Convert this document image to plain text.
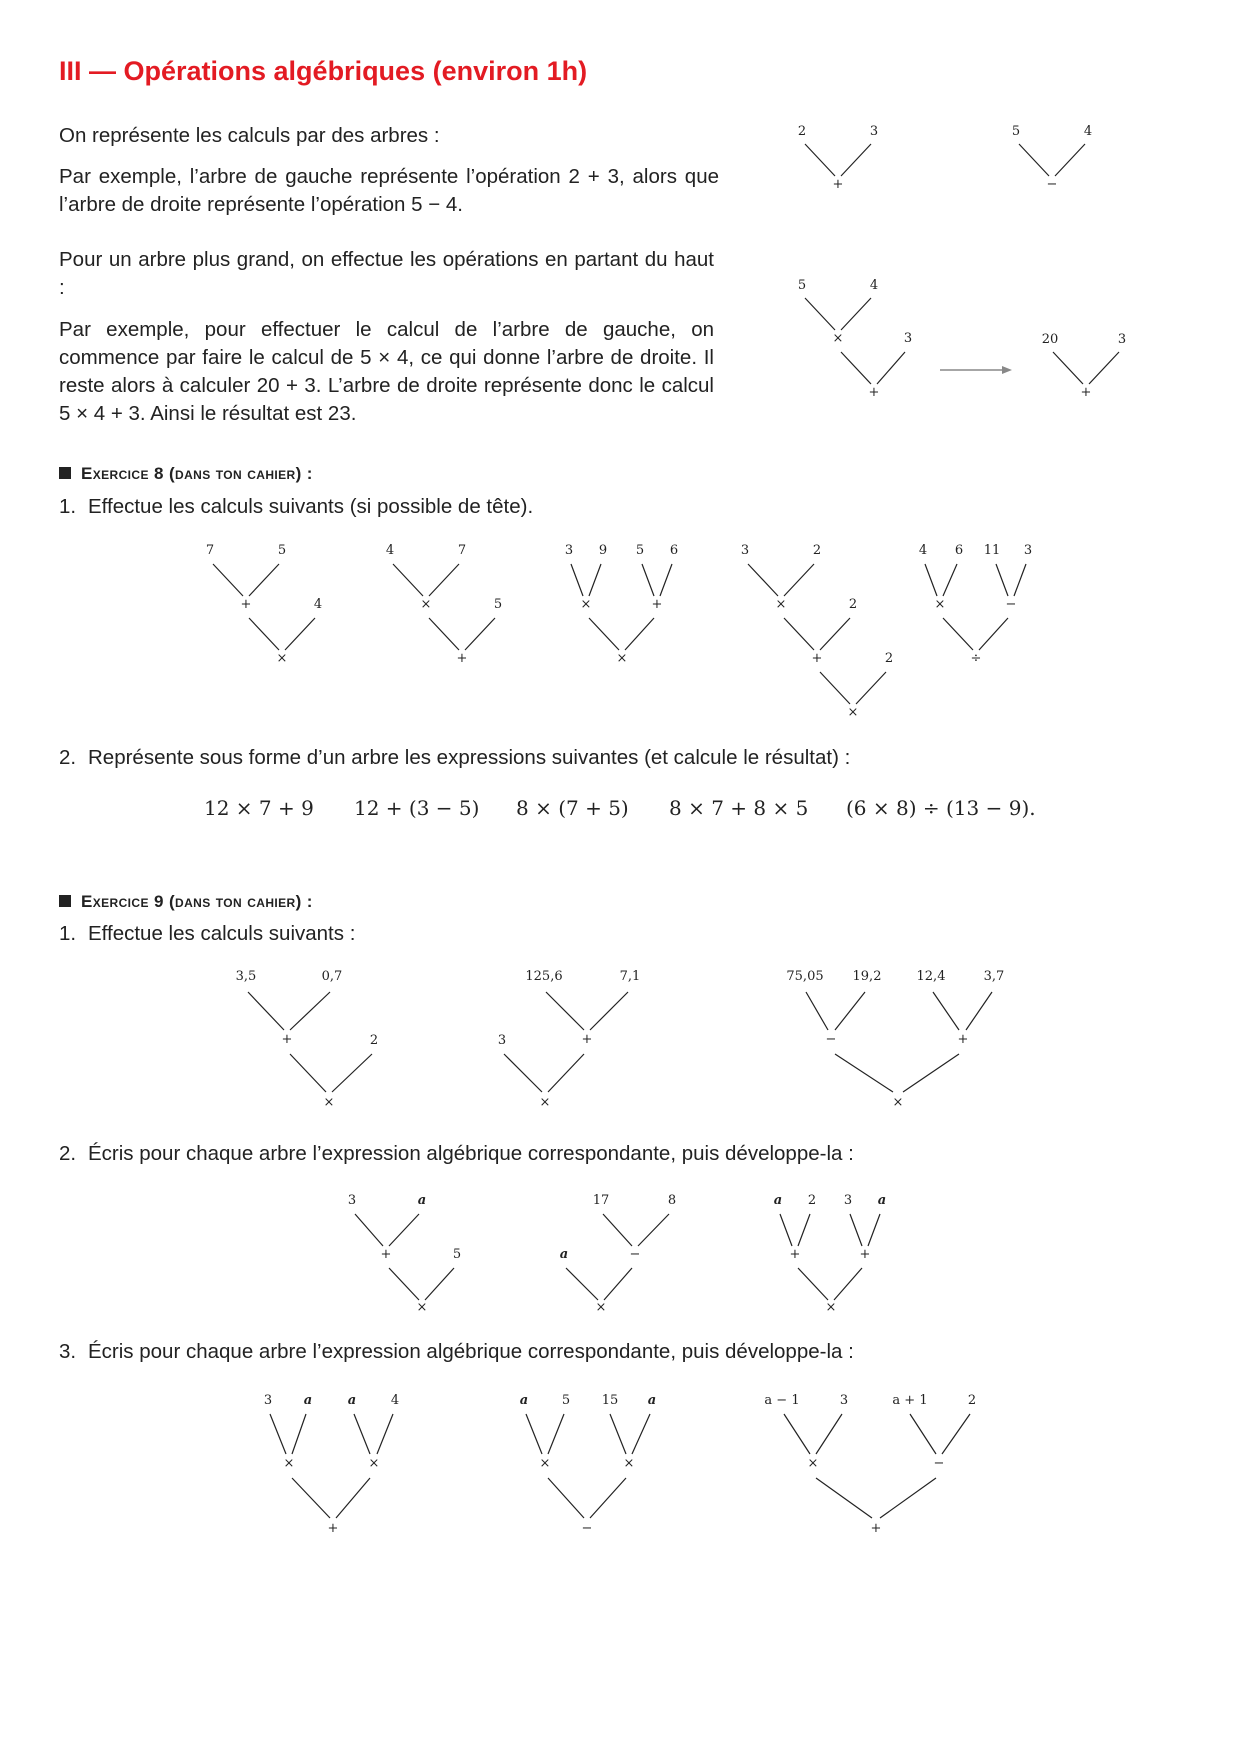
III — Opérations algébriques (environ 1h)
On représente les calculs par des arbres :
Par exemple, l’arbre de gauche représente l’opération 2 + 3, alors que l’arbre de droite représente l’opération 5 − 4.
Pour un arbre plus grand, on effectue les opérations en partant du haut :
Par exemple, pour effectuer le calcul de l’arbre de gauche, on commence par faire le calcul de 5 × 4, ce qui donne l’arbre de droite. Il reste alors à calculer 20 + 3. L’arbre de droite représente donc le calcul 5 × 4 + 3. Ainsi le résultat est 23.
2	3
+
5	4
−
5	4
×	3
+
20	3
+
Exercice 8 (dans ton cahier) :
1. Effectue les calculs suivants (si possible de tête).
7	5
+	4
×
4	7
×	5
+
3 9
×
5 6
+
×
3	2
×	2
+	2
×
4 6
×
11 3
−
÷
2. Représente sous forme d’un arbre les expressions suivantes (et calcule le résultat) :
12 × 7 + 9 12 + (3 − 5) 8 × (7 + 5) 8 × 7 + 8 × 5 (6 × 8) ÷ (13 − 9).
Exercice 9 (dans ton cahier) :
1. Effectue les calculs suivants :
3,5	0,7
+	2
×
125,6	7,1
+
3
×
75,05 19,2
−
12,4	3,7
+
×
2. Écris pour chaque arbre l’expression algébrique correspondante, puis développe-la :
3	a
+	5
×
17	8
−
a
×
a 2
+
3 a
+
×
3. Écris pour chaque arbre l’expression algébrique correspondante, puis développe-la :
3 a
×
a	4
×
+
a	5
×
15 a
×
−
a − 1	3
×
a + 1	2
−
+
